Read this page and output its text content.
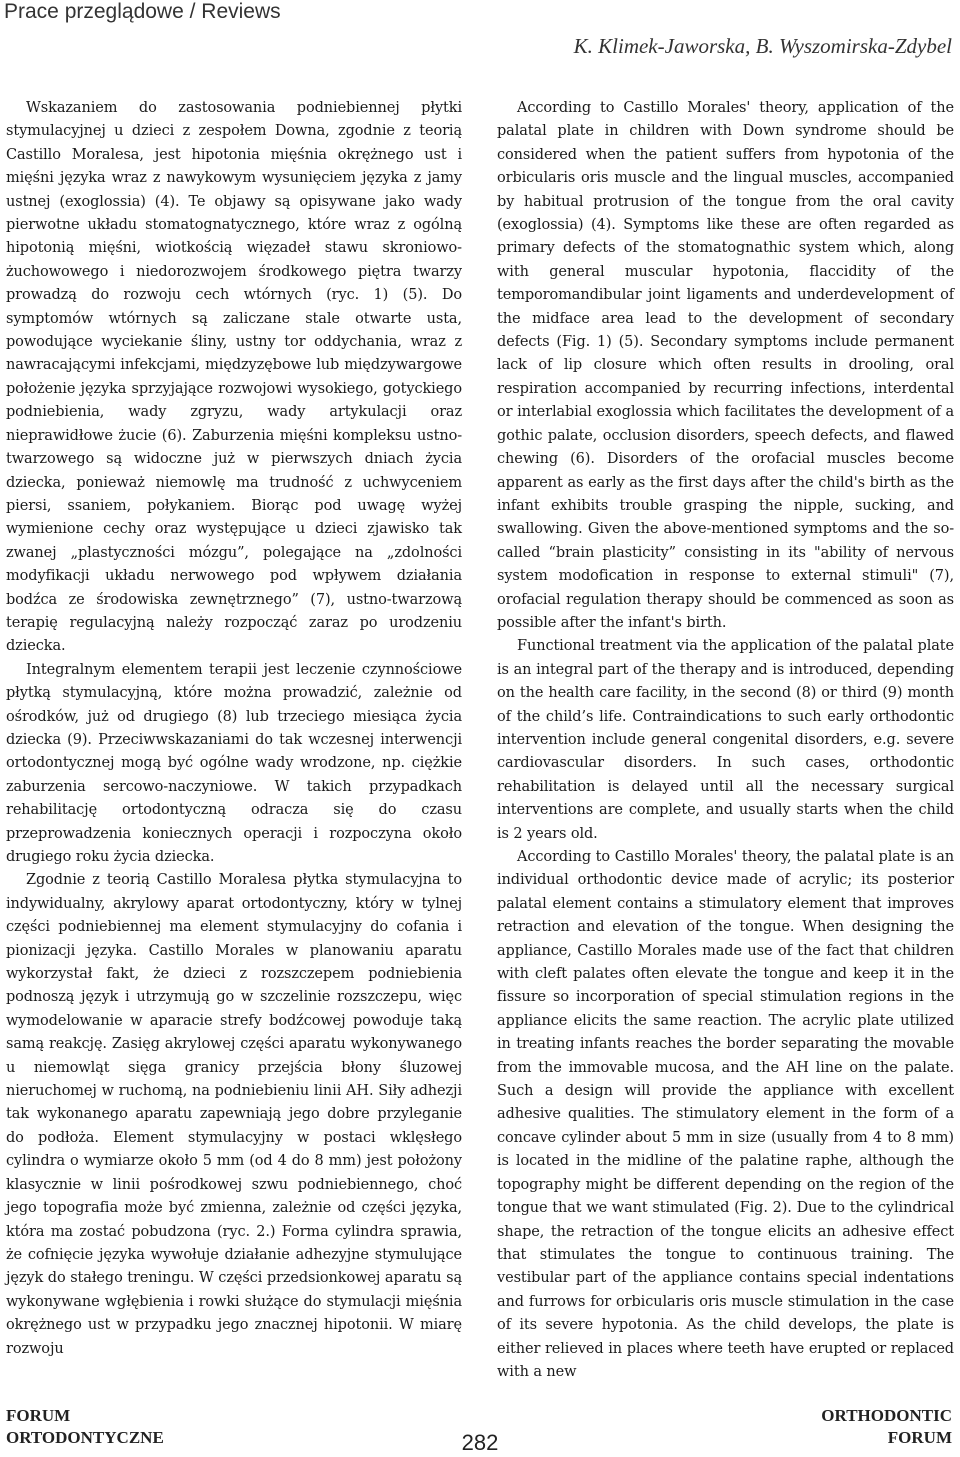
Prace przeglądowe / Reviews
K. Klimek-Jaworska, B. Wyszomirska-Zdybel

Wskazaniem do zastosowania podniebiennej płytki stymulacyjnej u dzieci z zespołem Downa, zgodnie z teorią Castillo Moralesa, jest hipotonia mięśnia okrężnego ust i mięśni języka wraz z nawykowym wysunięciem języka z jamy ustnej (exoglossia) (4). Te objawy są opisywane jako wady pierwotne układu stomatognatycznego, które wraz z ogólną hipotonią mięśni, wiotkością więzadeł stawu skroniowo-żuchowowego i niedorozwojem środkowego piętra twarzy prowadzą do rozwoju cech wtórnych (ryc. 1) (5). Do symptomów wtórnych są zaliczane stale otwarte usta, powodujące wyciekanie śliny, ustny tor oddychania, wraz z nawracającymi infekcjami, międzyzębowe lub międzywargowe położenie języka sprzyjające rozwojowi wysokiego, gotyckiego podniebienia, wady zgryzu, wady artykulacji oraz nieprawidłowe żucie (6). Zaburzenia mięśni kompleksu ustno-twarzowego są widoczne już w pierwszych dniach życia dziecka, ponieważ niemowlę ma trudność z uchwyceniem piersi, ssaniem, połykaniem. Biorąc pod uwagę wyżej wymienione cechy oraz występujące u dzieci zjawisko tak zwanej „plastyczności mózgu”, polegające na „zdolności modyfikacji układu nerwowego pod wpływem działania bodźca ze środowiska zewnętrznego” (7), ustno-twarzową terapię regulacyjną należy rozpocząć zaraz po urodzeniu dziecka.

Integralnym elementem terapii jest leczenie czynnościowe płytką stymulacyjną, które można prowadzić, zależnie od ośrodków, już od drugiego (8) lub trzeciego miesiąca życia dziecka (9). Przeciwwskazaniami do tak wczesnej interwencji ortodontycznej mogą być ogólne wady wrodzone, np. ciężkie zaburzenia sercowo-naczyniowe. W takich przypadkach rehabilitację ortodontyczną odracza się do czasu przeprowadzenia koniecznych operacji i rozpoczyna około drugiego roku życia dziecka.

Zgodnie z teorią Castillo Moralesa płytka stymulacyjna to indywidualny, akrylowy aparat ortodontyczny, który w tylnej części podniebiennej ma element stymulacyjny do cofania i pionizacji języka. Castillo Morales w planowaniu aparatu wykorzystał fakt, że dzieci z rozszczepem podniebienia podnoszą język i utrzymują go w szczelinie rozszczepu, więc wymodelowanie w aparacie strefy bodźcowej powoduje taką samą reakcję. Zasięg akrylowej części aparatu wykonywanego u niemowląt sięga granicy przejścia błony śluzowej nieruchomej w ruchomą, na podniebieniu linii AH. Siły adhezji tak wykonanego aparatu zapewniają jego dobre przyleganie do podłoża. Element stymulacyjny w postaci wklęsłego cylindra o wymiarze około 5 mm (od 4 do 8 mm) jest położony klasycznie w linii pośrodkowej szwu podniebiennego, choć jego topografia może być zmienna, zależnie od części języka, która ma zostać pobudzona (ryc. 2.) Forma cylindra sprawia, że cofnięcie języka wywołuje działanie adhezyjne stymulujące język do stałego treningu. W części przedsionkowej aparatu są wykonywane wgłębienia i rowki służące do stymulacji mięśnia okrężnego ust w przypadku jego znacznej hipotonii. W miarę rozwoju

According to Castillo Morales' theory, application of the palatal plate in children with Down syndrome should be considered when the patient suffers from hypotonia of the orbicularis oris muscle and the lingual muscles, accompanied by habitual protrusion of the tongue from the oral cavity (exoglossia) (4). Symptoms like these are often regarded as primary defects of the stomatognathic system which, along with general muscular hypotonia, flaccidity of the temporomandibular joint ligaments and underdevelopment of the midface area lead to the development of secondary defects (Fig. 1) (5). Secondary symptoms include permanent lack of lip closure which often results in drooling, oral respiration accompanied by recurring infections, interdental or interlabial exoglossia which facilitates the development of a gothic palate, occlusion disorders, speech defects, and flawed chewing (6). Disorders of the orofacial muscles become apparent as early as the first days after the child's birth as the infant exhibits trouble grasping the nipple, sucking, and swallowing. Given the above-mentioned symptoms and the so-called “brain plasticity” consisting in its "ability of nervous system modofication in response to external stimuli" (7), orofacial regulation therapy should be commenced as soon as possible after the infant's birth.

Functional treatment via the application of the palatal plate is an integral part of the therapy and is introduced, depending on the health care facility, in the second (8) or third (9) month of the child’s life. Contraindications to such early orthodontic intervention include general congenital disorders, e.g. severe cardiovascular disorders. In such cases, orthodontic rehabilitation is delayed until all the necessary surgical interventions are complete, and usually starts when the child is 2 years old.

According to Castillo Morales' theory, the palatal plate is an individual orthodontic device made of acrylic; its posterior palatal element contains a stimulatory element that improves retraction and elevation of the tongue. When designing the appliance, Castillo Morales made use of the fact that children with cleft palates often elevate the tongue and keep it in the fissure so incorporation of special stimulation regions in the appliance elicits the same reaction. The acrylic plate utilized in treating infants reaches the border separating the movable from the immovable mucosa, and the AH line on the palate. Such a design will provide the appliance with excellent adhesive qualities. The stimulatory element in the form of a concave cylinder about 5 mm in size (usually from 4 to 8 mm) is located in the midline of the palatine raphe, although the topography might be different depending on the region of the tongue that we want stimulated (Fig. 2). Due to the cylindrical shape, the retraction of the tongue elicits an adhesive effect that stimulates the tongue to continuous training. The vestibular part of the appliance contains special indentations and furrows for orbicularis oris muscle stimulation in the case of its severe hypotonia. As the child develops, the plate is either relieved in places where teeth have erupted or replaced with a new

FORUM
ORTODONTYCZNE	282
ORTHODONTIC
FORUM
